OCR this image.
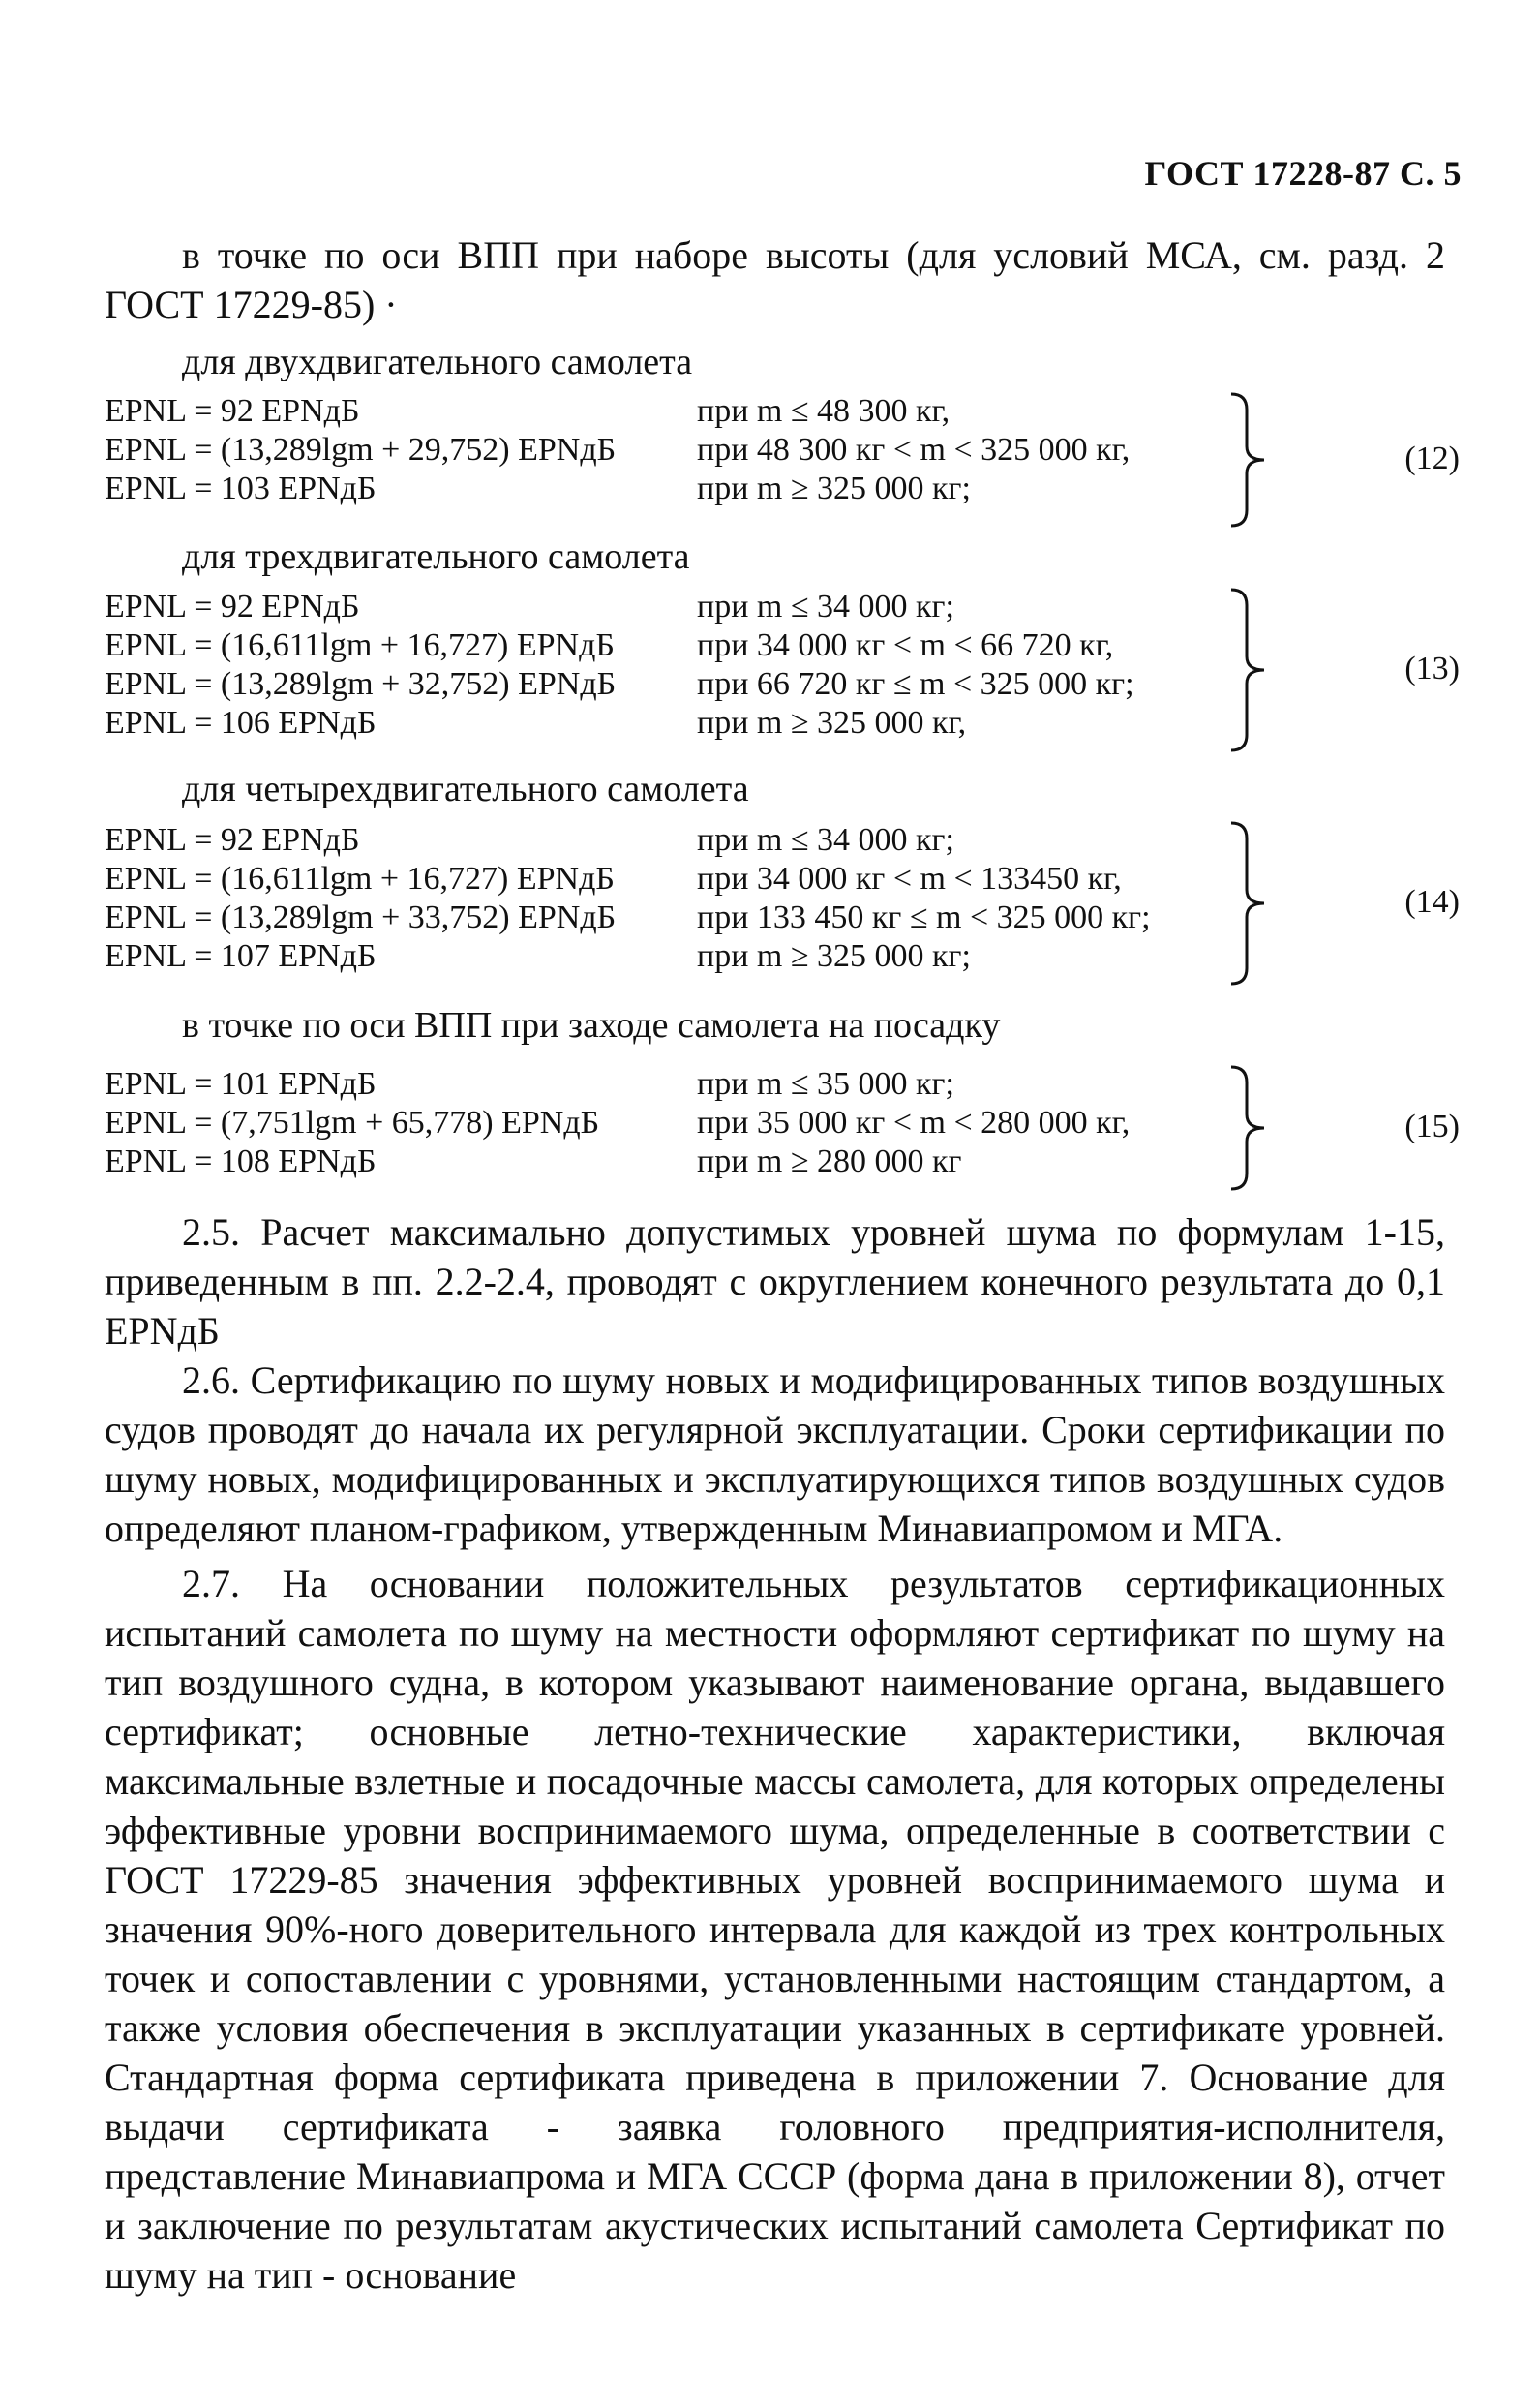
ГОСТ 17228-87 С. 5
в точке по оси ВПП при наборе высоты (для условий МСА, см. разд. 2 ГОСТ 17229-85) ·
для двухдвигательного самолета
EPNL = 92 EPNдБ	при m ≤ 48 300 кг,
EPNL = (13,289lgm + 29,752) EPNдБ при 48 300 кг < m < 325 000 кг,
EPNL = 103 EPNдБ	при m ≥ 325 000 кг;
(12)
для трехдвигательного самолета
EPNL = 92 EPNдБ	при m ≤ 34 000 кг;
EPNL = (16,611lgm + 16,727) EPNдБ	при 34 000 кг < m < 66 720 кг,
EPNL = (13,289lgm + 32,752) EPNдБ при 66 720 кг ≤ m < 325 000 кг;
EPNL = 106 EPNдБ	при m ≥ 325 000 кг,
(13)
для четырехдвигательного самолета
EPNL = 92 EPNдБ	при m ≤ 34 000 кг;
EPNL = (16,611lgm + 16,727) EPNдБ	при 34 000 кг < m < 133450 кг,
EPNL = (13,289lgm + 33,752) EPNдБ при 133 450 кг ≤ m < 325 000 кг;
EPNL = 107 EPNдБ	при m ≥ 325 000 кг;
(14)
в точке по оси ВПП при заходе самолета на посадку
EPNL = 101 EPNдБ	при m ≤ 35 000 кг;
EPNL = (7,751lgm + 65,778) EPNдБ	при 35 000 кг < m < 280 000 кг,
EPNL = 108 EPNдБ	при m ≥ 280 000 кг
(15)
2.5. Расчет максимально допустимых уровней шума по формулам 1-15, приведенным в пп. 2.2-2.4, проводят с округлением конечного результата до 0,1 EPNдБ
2.6. Сертификацию по шуму новых и модифицированных типов воздушных судов проводят до начала их регулярной эксплуатации. Сроки сертификации по шуму новых, модифицированных и эксплуатирующихся типов воздушных судов определяют планом-графиком, утвержденным Минавиапромом и МГА.
2.7. На основании положительных результатов сертификационных испытаний самолета по шуму на местности оформляют сертификат по шуму на тип воздушного судна, в котором указывают наименование органа, выдавшего сертификат; основные летно-технические характеристики, включая максимальные взлетные и посадочные массы самолета, для которых определены эффективные уровни воспринимаемого шума, определенные в соответствии с ГОСТ 17229-85 значения эффективных уровней воспринимаемого шума и значения 90%-ного доверительного интервала для каждой из трех контрольных точек и сопоставлении с уровнями, установленными настоящим стандартом, а также условия обеспечения в эксплуатации указанных в сертификате уровней. Стандартная форма сертификата приведена в приложении 7. Основание для выдачи сертификата - заявка головного предприятия-исполнителя, представление Минавиапрома и МГА СССР (форма дана в приложении 8), отчет и заключение по результатам акустических испытаний самолета Сертификат по шуму на тип - основание
